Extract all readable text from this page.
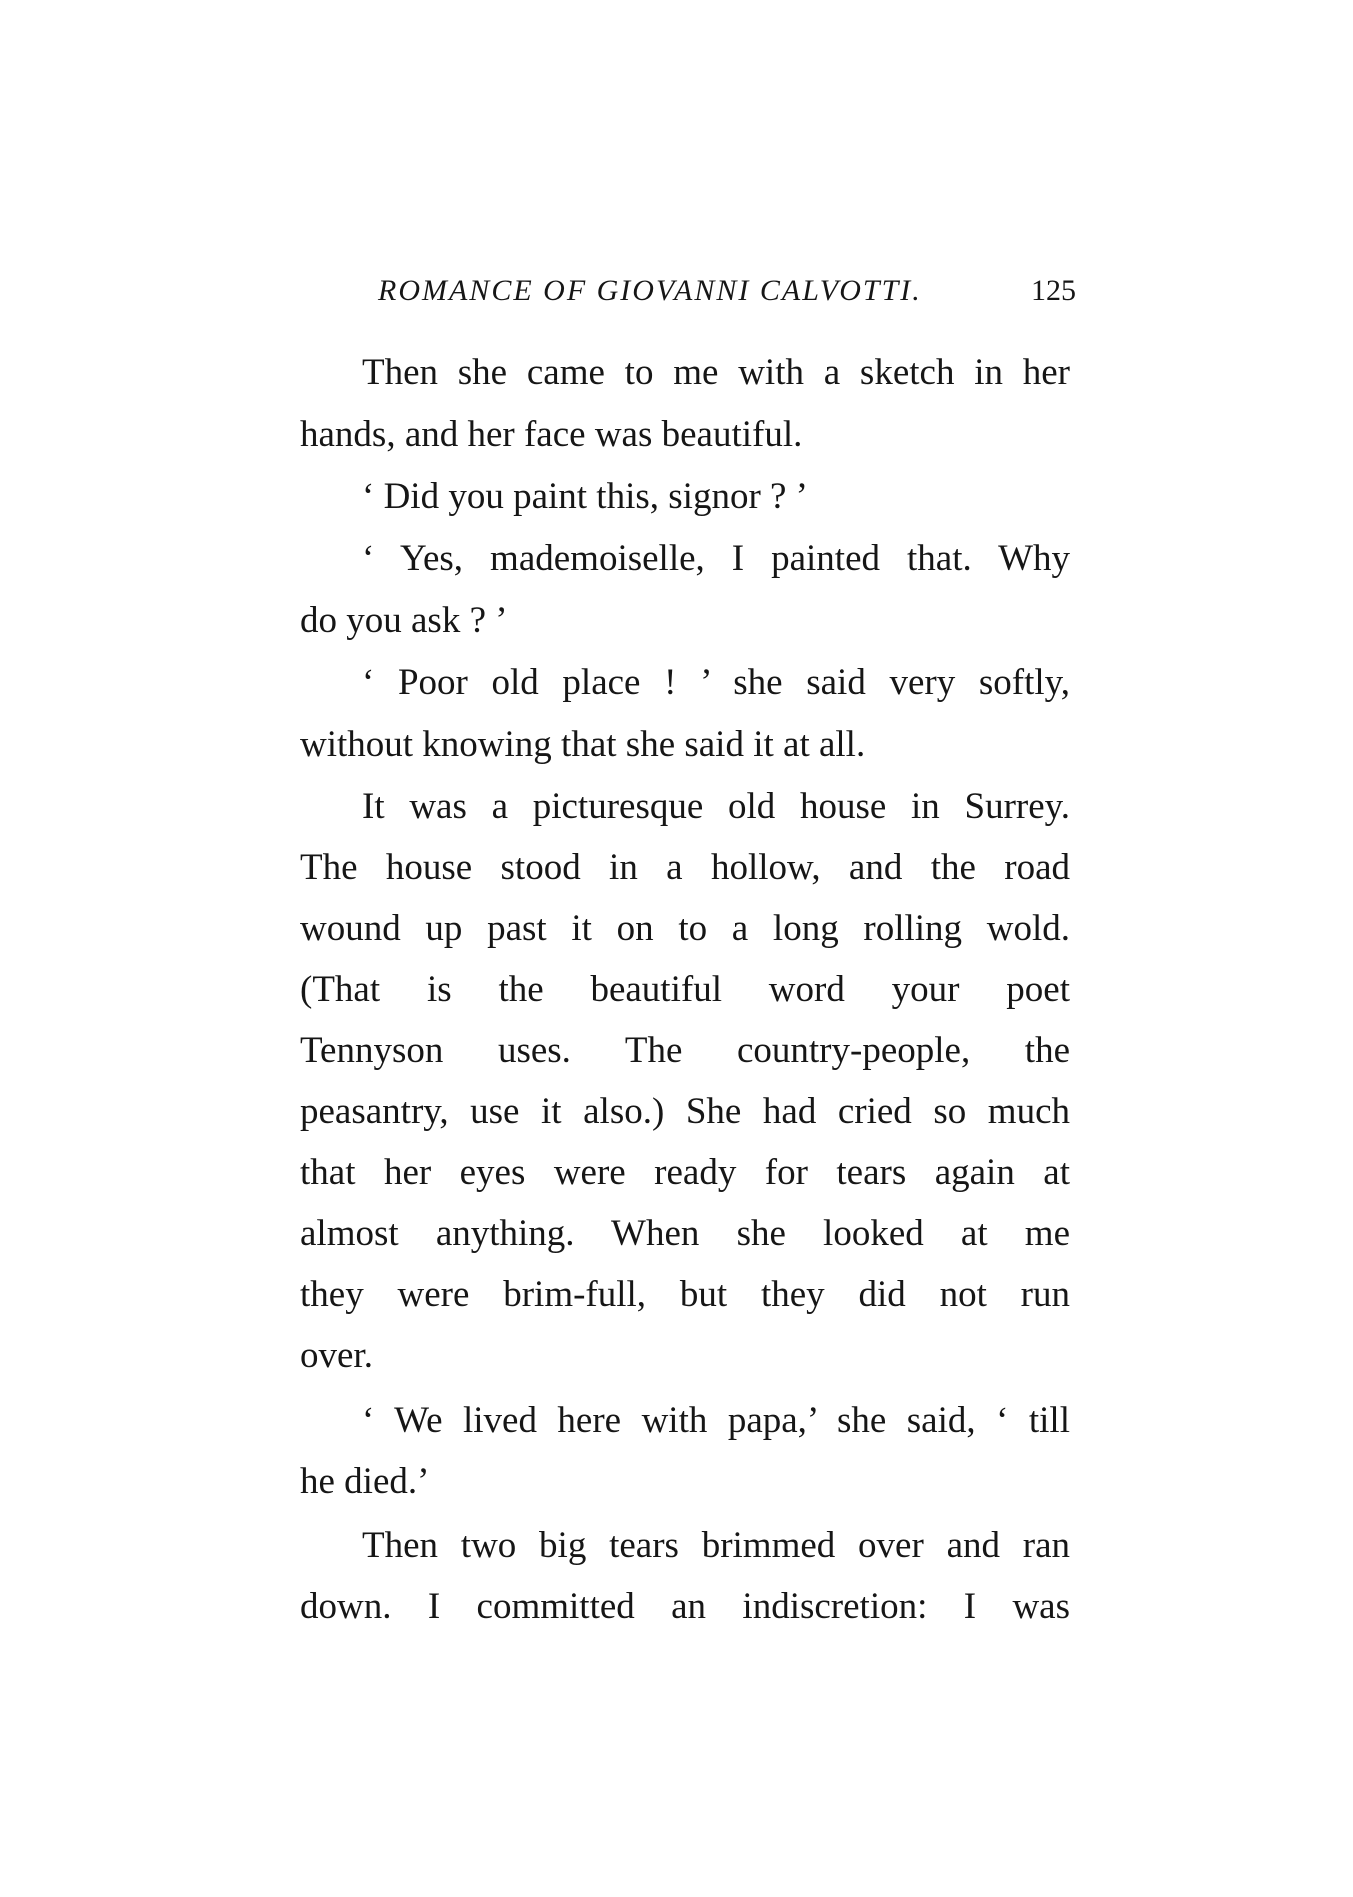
ROMANCE OF GIOVANNI CALVOTTI.	125
Then she came to me with a sketch in her
hands, and her face was beautiful.
‘ Did you paint this, signor ? ’
‘ Yes, mademoiselle, I painted that. Why
do you ask ? ’
‘ Poor old place ! ’ she said very softly,
without knowing that she said it at all.
It was a picturesque old house in Surrey.
The house stood in a hollow, and the road
wound up past it on to a long rolling wold.
(That is the beautiful word your poet
Tennyson uses. The country-people, the
peasantry, use it also.) She had cried so much
that her eyes were ready for tears again at
almost anything. When she looked at me
they were brim-full, but they did not run
over.
‘ We lived here with papa,’ she said, ‘ till
he died.’
Then two big tears brimmed over and ran
down. I committed an indiscretion: I was
